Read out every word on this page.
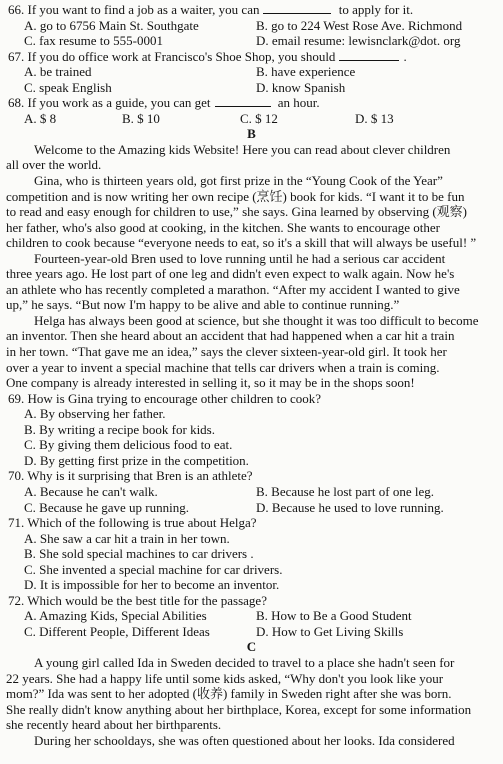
66. If you want to find a job as a waiter, you can	to apply for it.
A. go to 6756 Main St. Southgate	B. go to 224 West Rose Ave. Richmond
C. fax resume to 555-0001	D. email resume: lewisnclark@dot. org
67. If you do office work at Francisco's Shoe Shop, you should	.
A. be trained	B. have experience
C. speak English	D. know Spanish
68. If you work as a guide, you can get	an hour.
A. $ 8	B. $ 10	C. $ 12	D. $ 13
B
Welcome to the Amazing kids Website! Here you can read about clever children
all over the world.
Gina, who is thirteen years old, got first prize in the “Young Cook of the Year”
competition and is now writing her own recipe (烹饪) book for kids. “I want it to be fun
to read and easy enough for children to use,” she says. Gina learned by observing (观察)
her father, who's also good at cooking, in the kitchen. She wants to encourage other
children to cook because “everyone needs to eat, so it's a skill that will always be useful! ”
Fourteen-year-old Bren used to love running until he had a serious car accident
three years ago. He lost part of one leg and didn't even expect to walk again. Now he's
an athlete who has recently completed a marathon. “After my accident I wanted to give
up,” he says. “But now I'm happy to be alive and able to continue running.”
Helga has always been good at science, but she thought it was too difficult to become
an inventor. Then she heard about an accident that had happened when a car hit a train
in her town. “That gave me an idea,” says the clever sixteen-year-old girl. It took her
over a year to invent a special machine that tells car drivers when a train is coming.
One company is already interested in selling it, so it may be in the shops soon!
69. How is Gina trying to encourage other children to cook?
A. By observing her father.
B. By writing a recipe book for kids.
C. By giving them delicious food to eat.
D. By getting first prize in the competition.
70. Why is it surprising that Bren is an athlete?
A. Because he can't walk.	B. Because he lost part of one leg.
C. Because he gave up running.	D. Because he used to love running.
71. Which of the following is true about Helga?
A. She saw a car hit a train in her town.
B. She sold special machines to car drivers .
C. She invented a special machine for car drivers.
D. It is impossible for her to become an inventor.
72. Which would be the best title for the passage?
A. Amazing Kids, Special Abilities	B. How to Be a Good Student
C. Different People, Different Ideas	D. How to Get Living Skills
C
A young girl called Ida in Sweden decided to travel to a place she hadn't seen for
22 years. She had a happy life until some kids asked, “Why don't you look like your
mom?” Ida was sent to her adopted (收养) family in Sweden right after she was born.
She really didn't know anything about her birthplace, Korea, except for some information
she recently heard about her birthparents.
During her schooldays, she was often questioned about her looks. Ida considered
